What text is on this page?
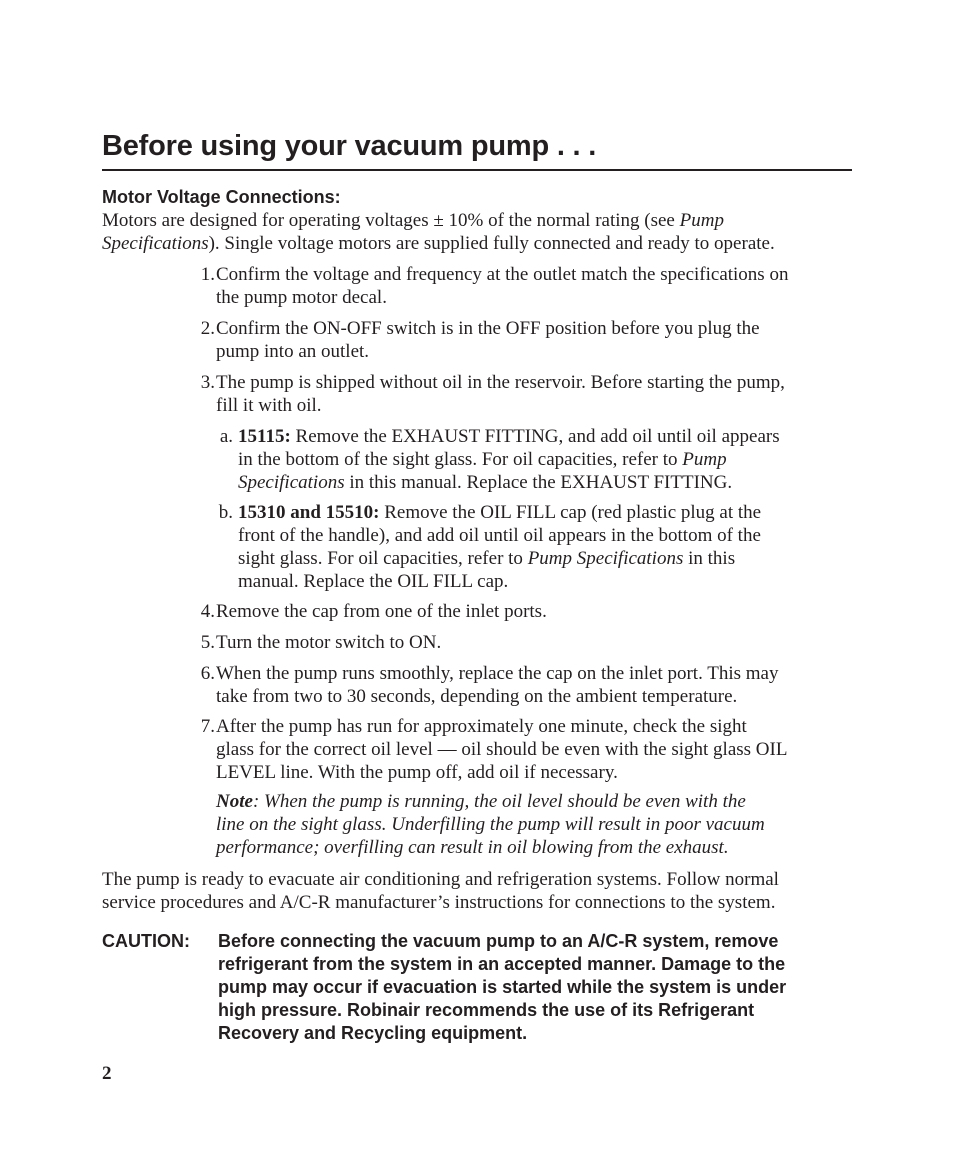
Before using your vacuum pump . . .
Motor Voltage Connections:
Motors are designed for operating voltages ± 10% of the normal rating (see Pump
Specifications). Single voltage motors are supplied fully connected and ready to operate.
1. Confirm the voltage and frequency at the outlet match the specifications on
the pump motor decal.
2. Confirm the ON-OFF switch is in the OFF position before you plug the
pump into an outlet.
3. The pump is shipped without oil in the reservoir. Before starting the pump,
fill it with oil.
a. 15115: Remove the EXHAUST FITTING, and add oil until oil appears
in the bottom of the sight glass. For oil capacities, refer to Pump
Specifications in this manual. Replace the EXHAUST FITTING.
b. 15310 and 15510: Remove the OIL FILL cap (red plastic plug at the
front of the handle), and add oil until oil appears in the bottom of the
sight glass. For oil capacities, refer to Pump Specifications in this
manual. Replace the OIL FILL cap.
4. Remove the cap from one of the inlet ports.
5. Turn the motor switch to ON.
6. When the pump runs smoothly, replace the cap on the inlet port. This may
take from two to 30 seconds, depending on the ambient temperature.
7. After the pump has run for approximately one minute, check the sight
glass for the correct oil level — oil should be even with the sight glass OIL
LEVEL line. With the pump off, add oil if necessary.
Note: When the pump is running, the oil level should be even with the
line on the sight glass. Underfilling the pump will result in poor vacuum
performance; overfilling can result in oil blowing from the exhaust.
The pump is ready to evacuate air conditioning and refrigeration systems. Follow normal
service procedures and A/C-R manufacturer’s instructions for connections to the system.
CAUTION: Before connecting the vacuum pump to an A/C-R system, remove
refrigerant from the system in an accepted manner. Damage to the
pump may occur if evacuation is started while the system is under
high pressure. Robinair recommends the use of its Refrigerant
Recovery and Recycling equipment.
2
